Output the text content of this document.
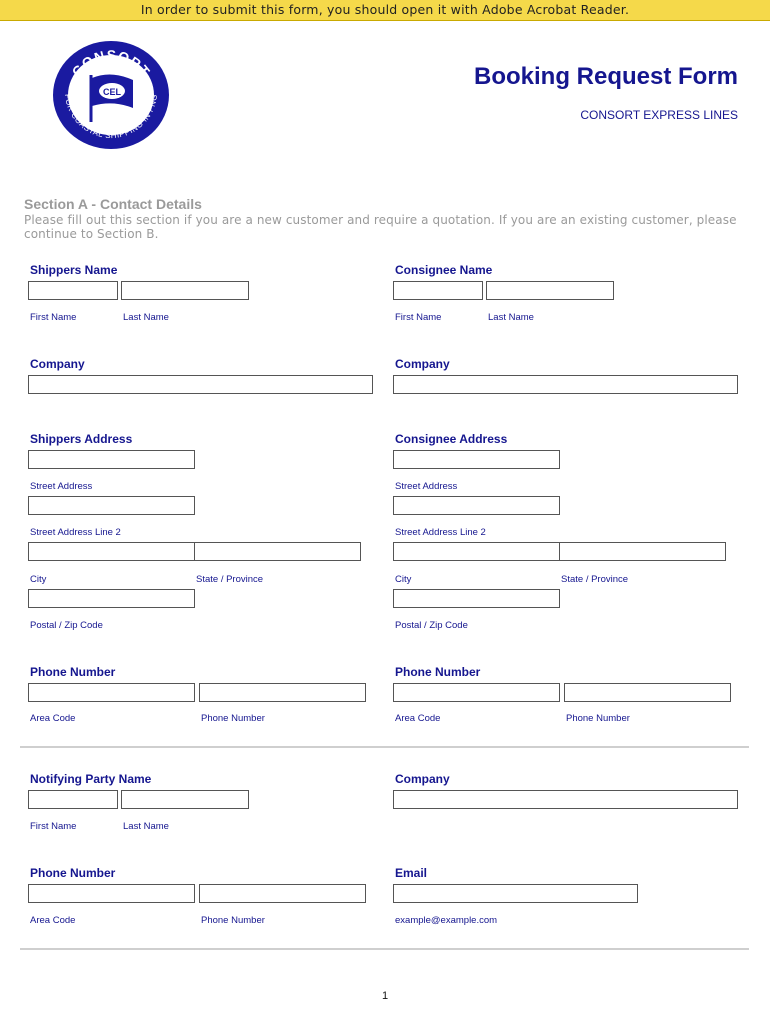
In order to submit this form, you should open it with Adobe Acrobat Reader.
CONSORT
FOR COASTAL SHIPPING IN PNG
CEL
Booking Request Form
CONSORT EXPRESS LINES
Section A - Contact Details
Please fill out this section if you are a new customer and require a quotation. If you are an existing customer, please continue to Section B.
Shippers Name
First Name	Last Name
Company
Shippers Address
Street Address
Street Address Line 2
City	State / Province
Postal / Zip Code
Phone Number
Area Code	Phone Number
Consignee Name
First Name	Last Name
Company
Consignee Address
Street Address
Street Address Line 2
City	State / Province
Postal / Zip Code
Phone Number
Area Code	Phone Number
Notifying Party Name
First Name	Last Name
Company
Phone Number
Area Code	Phone Number
Email
example@example.com
1
